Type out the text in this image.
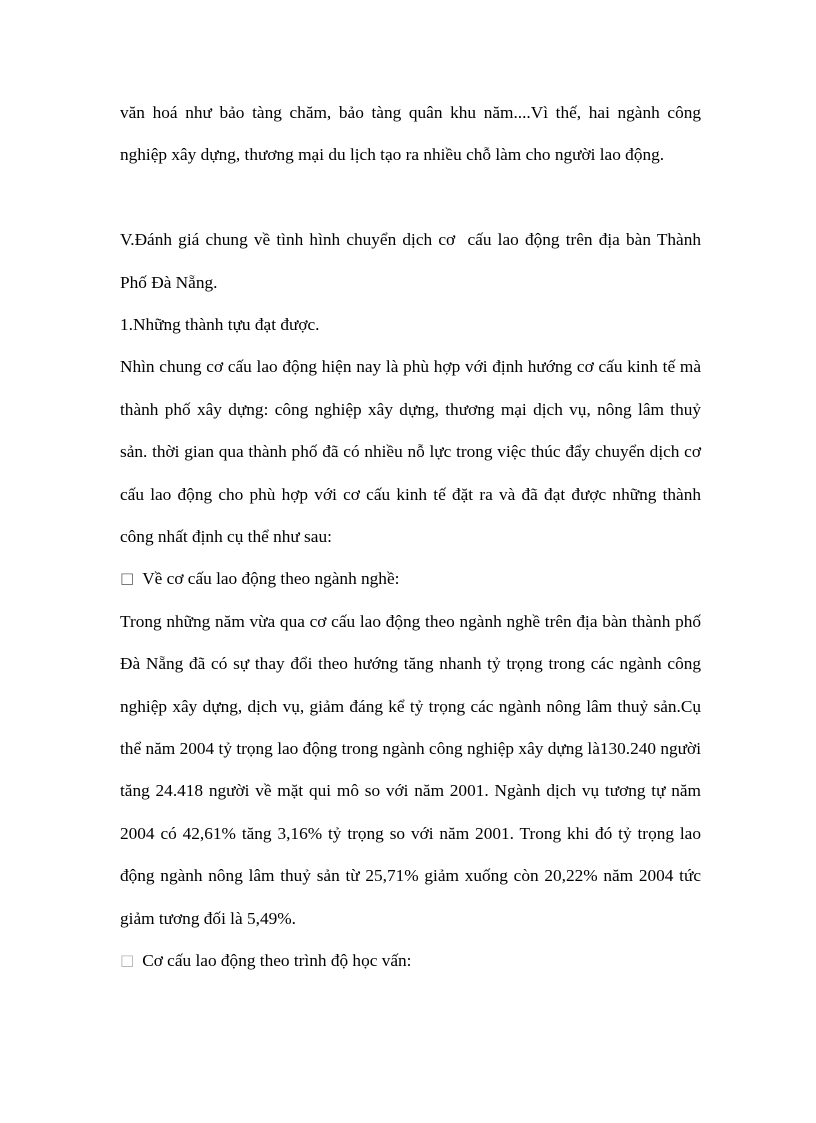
văn hoá như bảo tàng chăm, bảo tàng quân khu năm....Vì thế, hai ngành công nghiệp xây dựng, thương mại du lịch tạo ra nhiều chỗ làm cho người lao động.

V.Đánh giá chung về tình hình chuyển dịch cơ  cấu lao động trên địa bàn Thành Phố Đà Nẵng.

1.Những thành tựu đạt được.

Nhìn chung cơ cấu lao động hiện nay là phù hợp với định hướng cơ cấu kinh tế mà thành phố xây dựng: công nghiệp xây dựng, thương mại dịch vụ, nông lâm thuỷ sản. thời gian qua thành phố đã có nhiều nỗ lực trong việc thúc đẩy chuyển dịch cơ cấu lao động cho phù hợp với cơ cấu kinh tế đặt ra và đã đạt được những thành công nhất định cụ thể như sau:

□ Về cơ cấu lao động theo ngành nghề:

Trong những năm vừa qua cơ cấu lao động theo ngành nghề trên địa bàn thành phố Đà Nẵng đã có sự thay đổi theo hướng tăng nhanh tỷ trọng trong các ngành công nghiệp xây dựng, dịch vụ, giảm đáng kể tỷ trọng các ngành nông lâm thuỷ sản.Cụ thể năm 2004 tỷ trọng lao động trong ngành công nghiệp xây dựng là130.240 người tăng 24.418 người về mặt qui mô so với năm 2001. Ngành dịch vụ tương tự năm 2004 có 42,61% tăng 3,16% tỷ trọng so với năm 2001. Trong khi đó tỷ trọng lao động ngành nông lâm thuỷ sản từ 25,71% giảm xuống còn 20,22% năm 2004 tức giảm tương đối là 5,49%.

□ Cơ cấu lao động theo trình độ học vấn:
